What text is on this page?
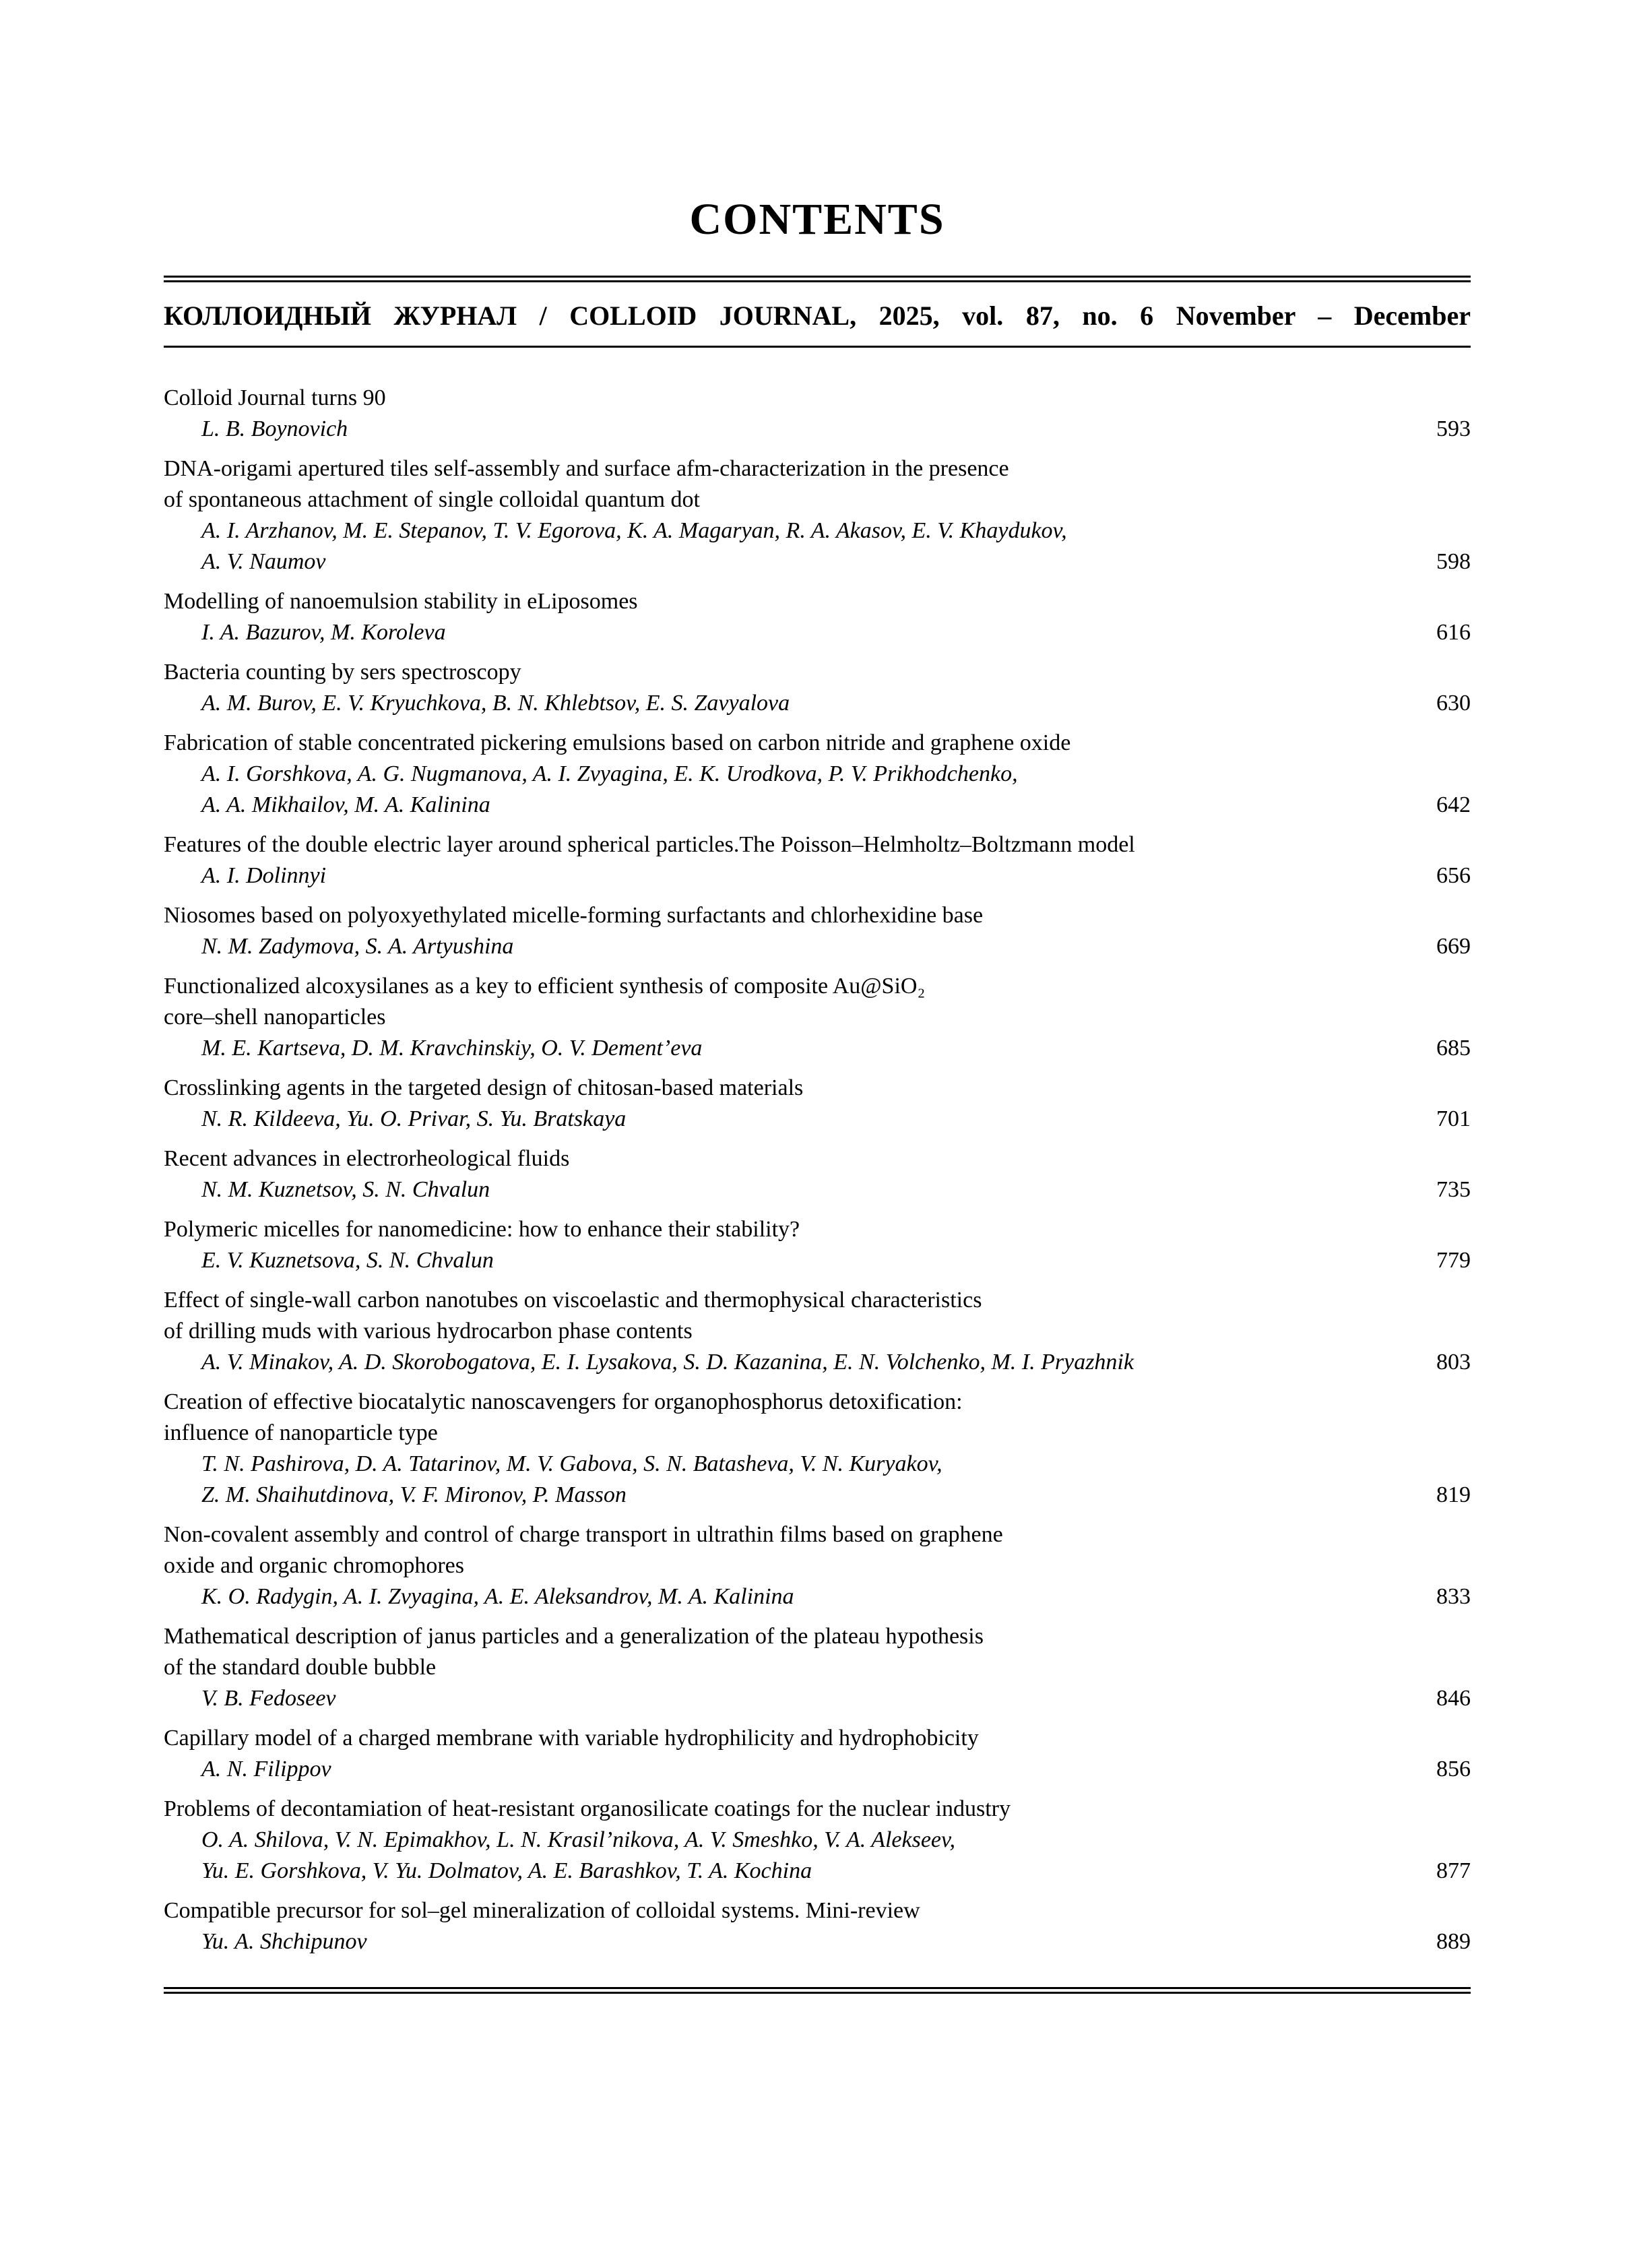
CONTENTS
КОЛЛОИДНЫЙ ЖУРНАЛ / COLLOID JOURNAL, 2025, vol. 87, no. 6 November – December
Colloid Journal turns 90
L. B. Boynovich	593
DNA-origami apertured tiles self-assembly and surface afm-characterization in the presence
of spontaneous attachment of single colloidal quantum dot
A. I. Arzhanov, M. E. Stepanov, T. V. Egorova, K. A. Magaryan, R. A. Akasov, E. V. Khaydukov,
A. V. Naumov	598
Modelling of nanoemulsion stability in eLiposomes
I. A. Bazurov, M. Koroleva	616
Bacteria counting by sers spectroscopy
A. M. Burov, E. V. Kryuchkova, B. N. Khlebtsov, E. S. Zavyalova	630
Fabrication of stable concentrated pickering emulsions based on carbon nitride and graphene oxide
A. I. Gorshkova, A. G. Nugmanova, A. I. Zvyagina, E. K. Urodkova, P. V. Prikhodchenko,
A. A. Mikhailov, M. A. Kalinina	642
Features of the double electric layer around spherical particles.The Poisson–Helmholtz–Boltzmann model
A. I. Dolinnyi	656
Niosomes based on polyoxyethylated micelle-forming surfactants and chlorhexidine base
N. M. Zadymova, S. A. Artyushina	669
Functionalized alcoxysilanes as a key to efficient synthesis of composite Au@SiO₂
core–shell nanoparticles
M. E. Kartseva, D. M. Kravchinskiy, O. V. Dement’eva	685
Crosslinking agents in the targeted design of chitosan-based materials
N. R. Kildeeva, Yu. O. Privar, S. Yu. Bratskaya	701
Recent advances in electrorheological fluids
N. M. Kuznetsov, S. N. Chvalun	735
Polymeric micelles for nanomedicine: how to enhance their stability?
E. V. Kuznetsova, S. N. Chvalun	779
Effect of single-wall carbon nanotubes on viscoelastic and thermophysical characteristics
of drilling muds with various hydrocarbon phase contents
A. V. Minakov, A. D. Skorobogatova, E. I. Lysakova, S. D. Kazanina, E. N. Volchenko, M. I. Pryazhnik	803
Creation of effective biocatalytic nanoscavengers for organophosphorus detoxification:
influence of nanoparticle type
T. N. Pashirova, D. A. Tatarinov, M. V. Gabova, S. N. Batasheva, V. N. Kuryakov,
Z. M. Shaihutdinova, V. F. Mironov, P. Masson	819
Non-covalent assembly and control of charge transport in ultrathin films based on graphene
oxide and organic chromophores
K. O. Radygin, A. I. Zvyagina, A. E. Aleksandrov, M. A. Kalinina	833
Mathematical description of janus particles and a generalization of the plateau hypothesis
of the standard double bubble
V. B. Fedoseev	846
Capillary model of a charged membrane with variable hydrophilicity and hydrophobicity
A. N. Filippov	856
Problems of decontamiation of heat-resistant organosilicate coatings for the nuclear industry
O. A. Shilova, V. N. Epimakhov, L. N. Krasil’nikova, A. V. Smeshko, V. A. Alekseev,
Yu. E. Gorshkova, V. Yu. Dolmatov, A. E. Barashkov, T. A. Kochina	877
Compatible precursor for sol–gel mineralization of colloidal systems. Mini-review
Yu. A. Shchipunov	889
